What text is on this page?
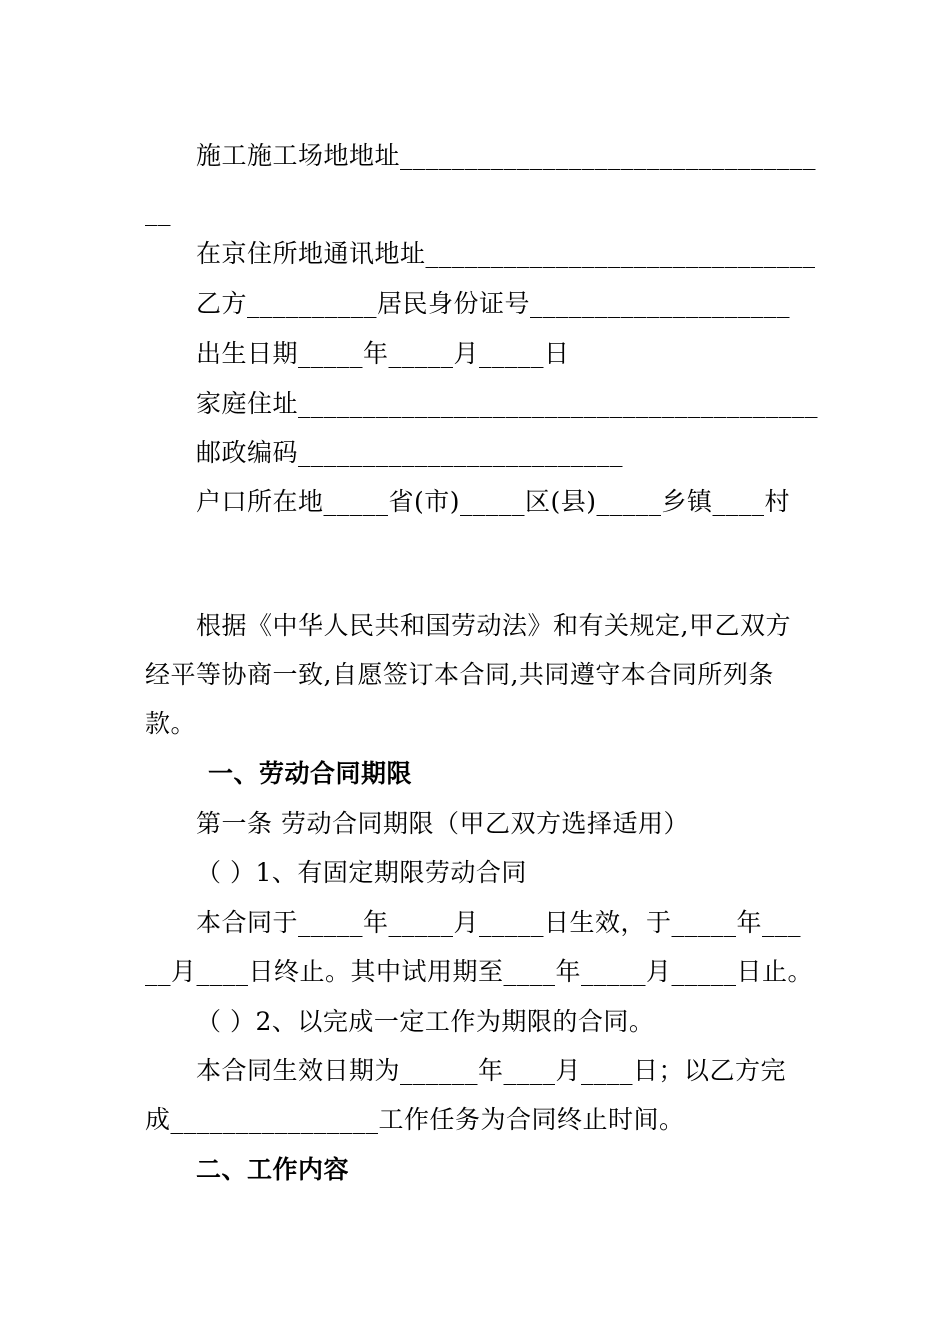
施工施工场地地址________________________________
__
在京住所地通讯地址______________________________
乙方__________居民身份证号____________________
出生日期_____年_____月_____日
家庭住址________________________________________
邮政编码_________________________
户口所在地_____省(市)_____区(县)_____乡镇____村
根据《中华人民共和国劳动法》和有关规定,甲乙双方
经平等协商一致,自愿签订本合同,共同遵守本合同所列条
款。
一、劳动合同期限
第一条 劳动合同期限（甲乙双方选择适用）
（ ）1、有固定期限劳动合同
本合同于_____年_____月_____日生效，于_____年___
__月____日终止。其中试用期至____年_____月_____日止。
（ ）2、以完成一定工作为期限的合同。
本合同生效日期为______年____月____日；以乙方完
成________________工作任务为合同终止时间。
二、工作内容
